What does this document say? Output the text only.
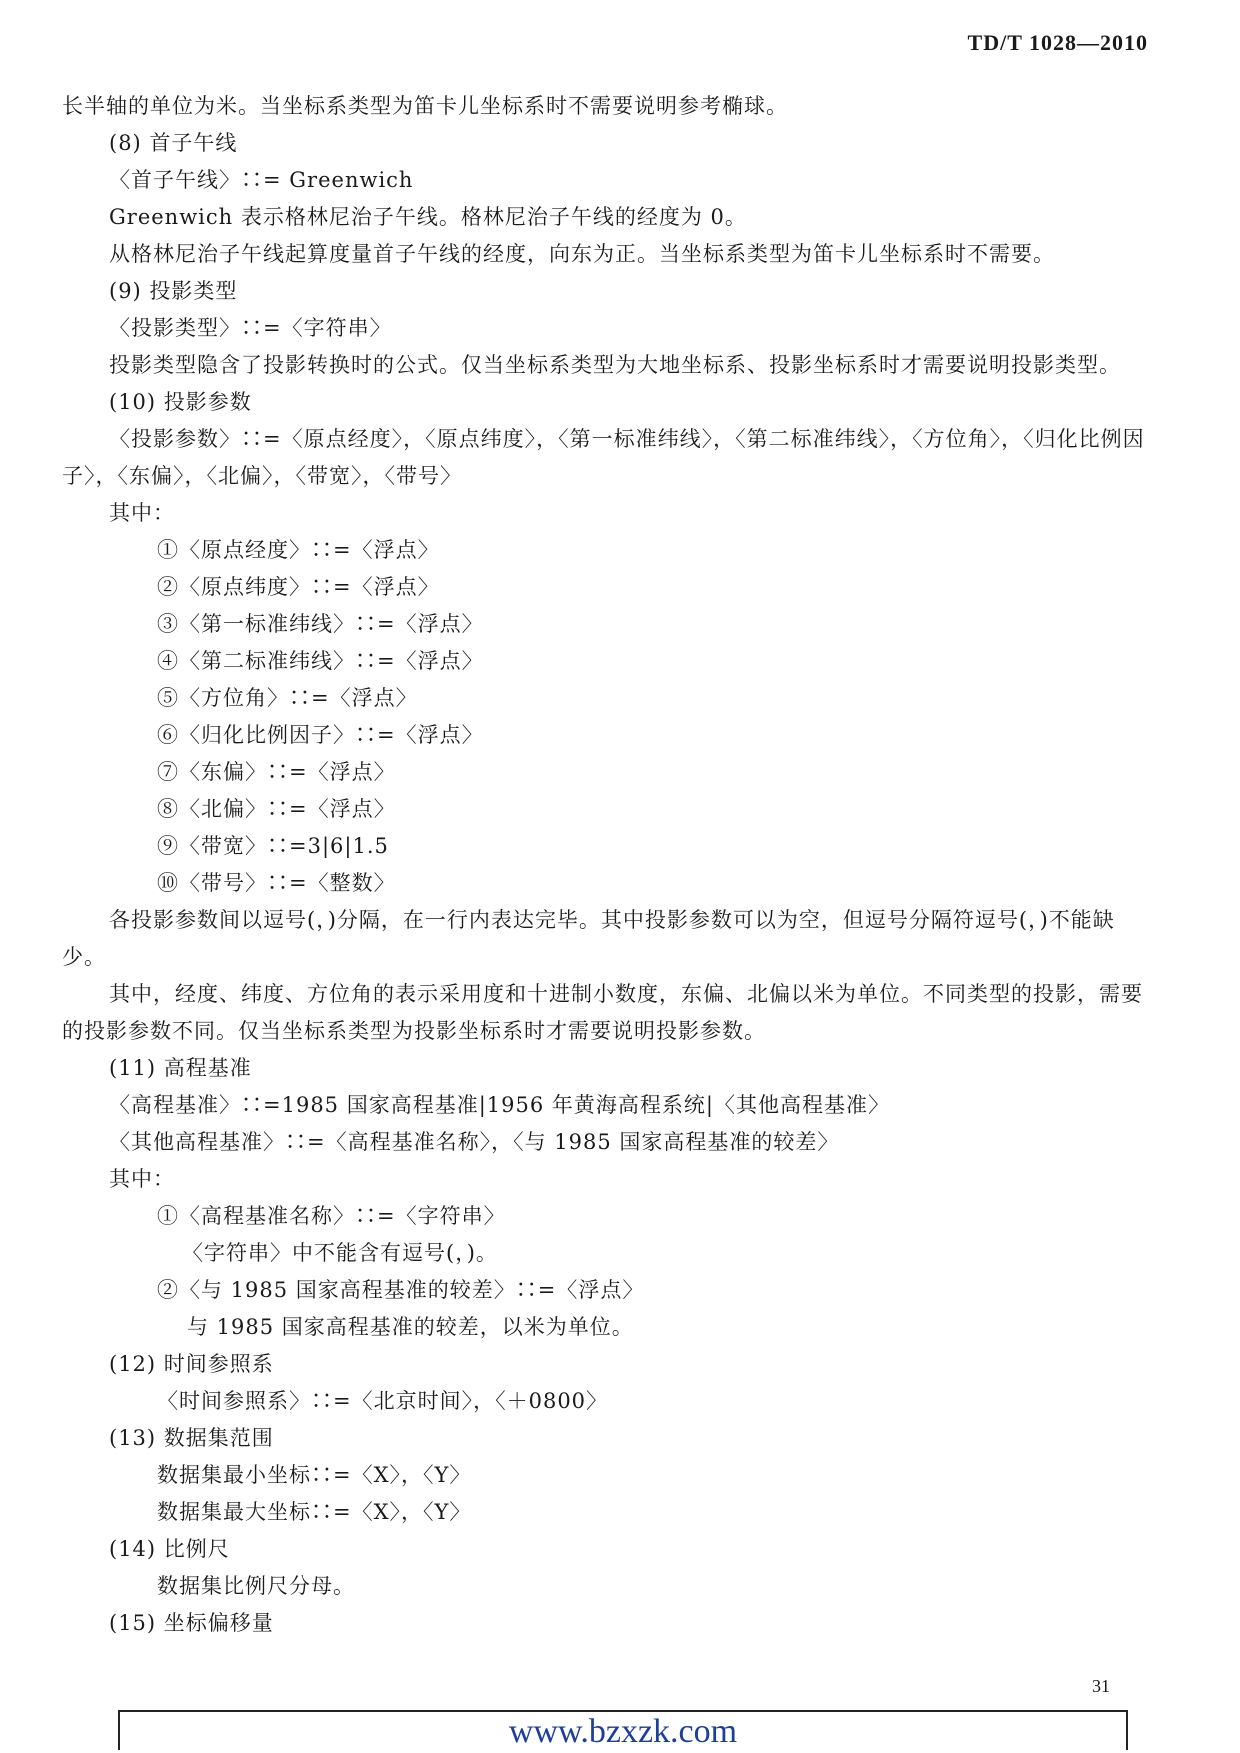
TD/T 1028—2010
长半轴的单位为米。当坐标系类型为笛卡儿坐标系时不需要说明参考椭球。
(8) 首子午线
〈首子午线〉∷= Greenwich
Greenwich 表示格林尼治子午线。格林尼治子午线的经度为 0。
从格林尼治子午线起算度量首子午线的经度，向东为正。当坐标系类型为笛卡儿坐标系时不需要。
(9) 投影类型
〈投影类型〉∷=〈字符串〉
投影类型隐含了投影转换时的公式。仅当坐标系类型为大地坐标系、投影坐标系时才需要说明投影类型。
(10) 投影参数
〈投影参数〉∷=〈原点经度〉，〈原点纬度〉，〈第一标准纬线〉，〈第二标准纬线〉，〈方位角〉，〈归化比例因子〉，〈东偏〉，〈北偏〉，〈带宽〉，〈带号〉
其中：
①〈原点经度〉∷=〈浮点〉
②〈原点纬度〉∷=〈浮点〉
③〈第一标准纬线〉∷=〈浮点〉
④〈第二标准纬线〉∷=〈浮点〉
⑤〈方位角〉∷=〈浮点〉
⑥〈归化比例因子〉∷=〈浮点〉
⑦〈东偏〉∷=〈浮点〉
⑧〈北偏〉∷=〈浮点〉
⑨〈带宽〉∷=3|6|1.5
⑩〈带号〉∷=〈整数〉
各投影参数间以逗号(，)分隔，在一行内表达完毕。其中投影参数可以为空，但逗号分隔符逗号(，)不能缺少。
其中，经度、纬度、方位角的表示采用度和十进制小数度，东偏、北偏以米为单位。不同类型的投影，需要的投影参数不同。仅当坐标系类型为投影坐标系时才需要说明投影参数。
(11) 高程基准
〈高程基准〉∷=1985 国家高程基准|1956 年黄海高程系统|〈其他高程基准〉
〈其他高程基准〉∷=〈高程基准名称〉，〈与 1985 国家高程基准的较差〉
其中：
①〈高程基准名称〉∷=〈字符串〉
〈字符串〉中不能含有逗号(，)。
②〈与 1985 国家高程基准的较差〉∷=〈浮点〉
与 1985 国家高程基准的较差，以米为单位。
(12) 时间参照系
〈时间参照系〉∷=〈北京时间〉，〈＋0800〉
(13) 数据集范围
数据集最小坐标∷=〈X〉，〈Y〉
数据集最大坐标∷=〈X〉，〈Y〉
(14) 比例尺
数据集比例尺分母。
(15) 坐标偏移量
31
www.bzxzk.com
